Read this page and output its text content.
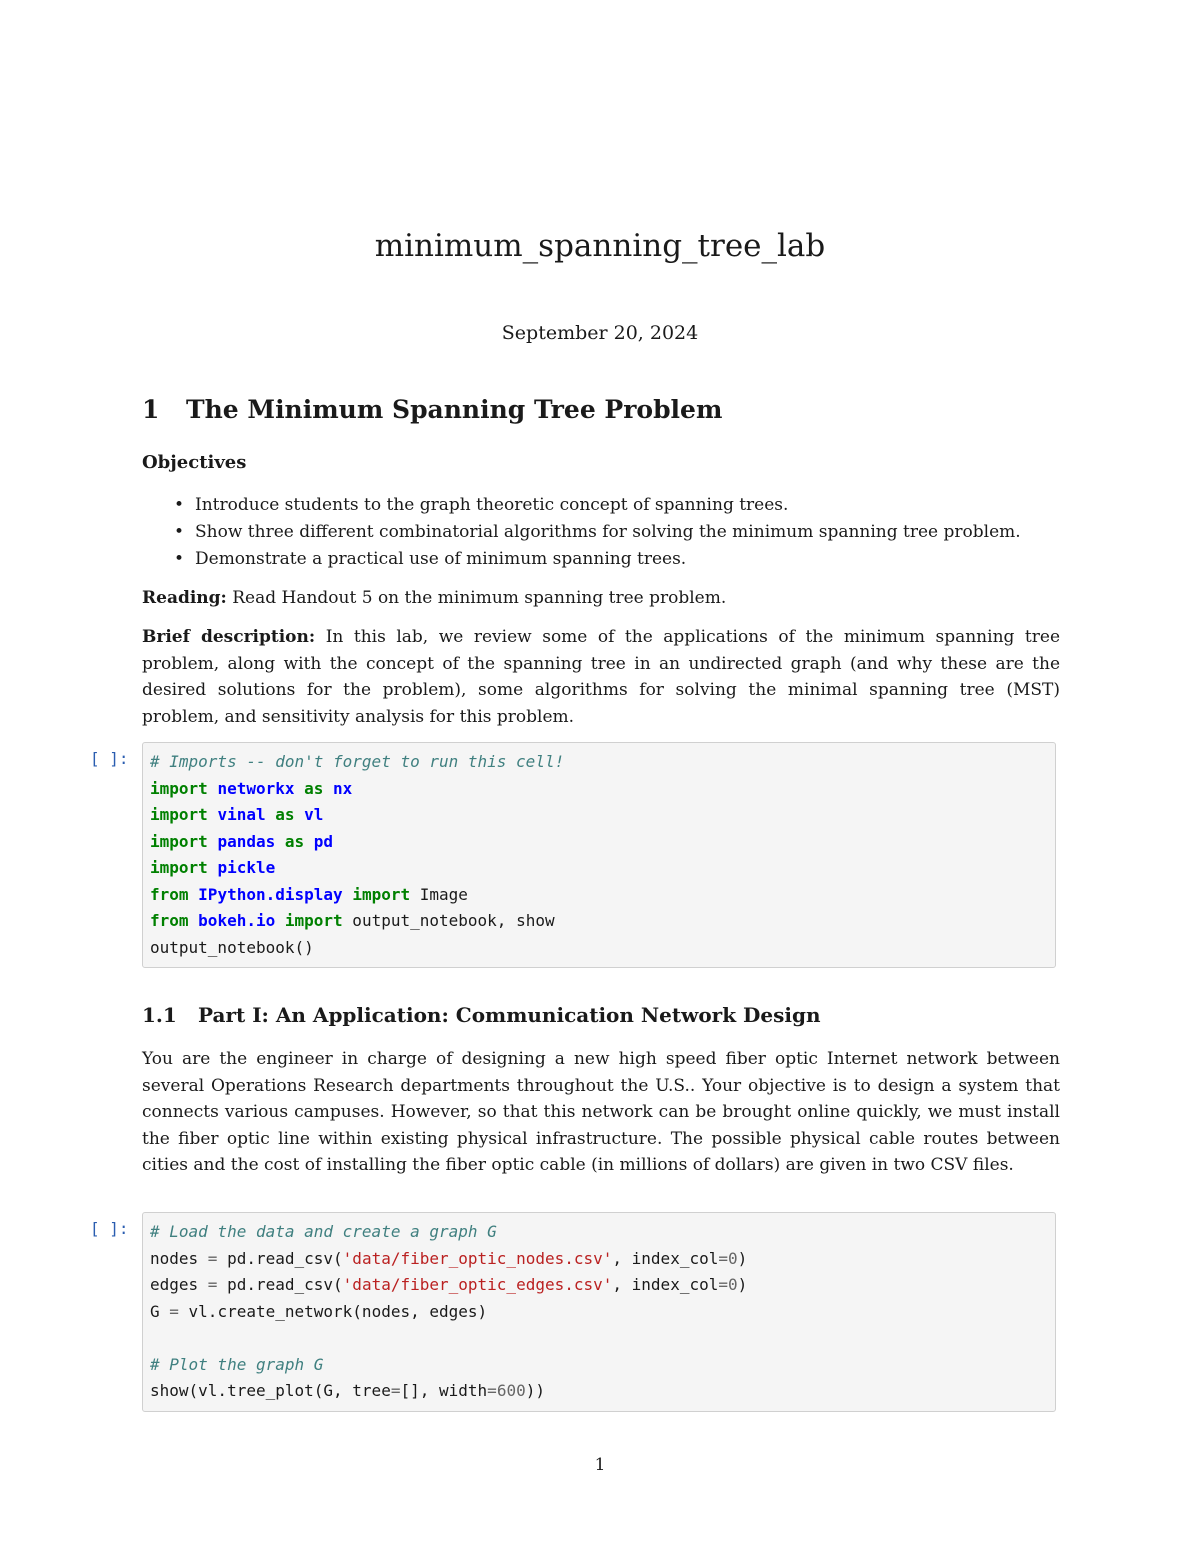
minimum_spanning_tree_lab
September 20, 2024
1 The Minimum Spanning Tree Problem
Objectives
• Introduce students to the graph theoretic concept of spanning trees.
• Show three different combinatorial algorithms for solving the minimum spanning tree problem.
• Demonstrate a practical use of minimum spanning trees.
Reading: Read Handout 5 on the minimum spanning tree problem.
Brief description: In this lab, we review some of the applications of the minimum spanning tree problem, along with the concept of the spanning tree in an undirected graph (and why these are the desired solutions for the problem), some algorithms for solving the minimal spanning tree (MST) problem, and sensitivity analysis for this problem.
[ ]: # Imports -- don't forget to run this cell!
import networkx as nx
import vinal as vl
import pandas as pd
import pickle
from IPython.display import Image
from bokeh.io import output_notebook, show
output_notebook()
1.1 Part I: An Application: Communication Network Design
You are the engineer in charge of designing a new high speed fiber optic Internet network between several Operations Research departments throughout the U.S.. Your objective is to design a system that connects various campuses. However, so that this network can be brought online quickly, we must install the fiber optic line within existing physical infrastructure. The possible physical cable routes between cities and the cost of installing the fiber optic cable (in millions of dollars) are given in two CSV files.
[ ]: # Load the data and create a graph G
nodes = pd.read_csv('data/fiber_optic_nodes.csv', index_col=0)
edges = pd.read_csv('data/fiber_optic_edges.csv', index_col=0)
G = vl.create_network(nodes, edges)

# Plot the graph G
show(vl.tree_plot(G, tree=[], width=600))
1
